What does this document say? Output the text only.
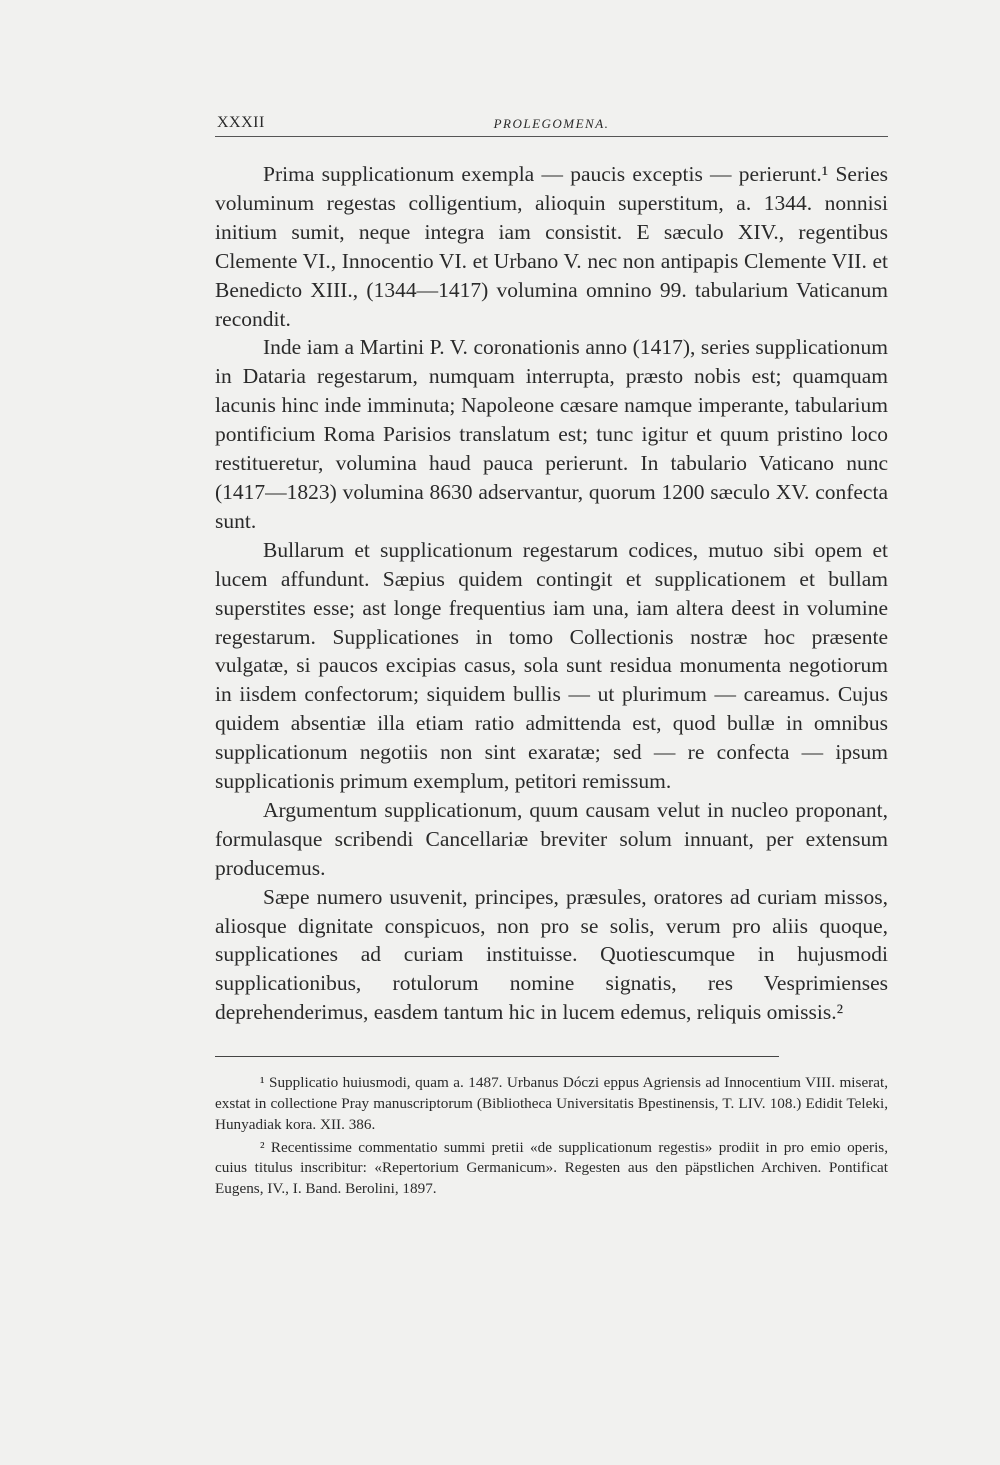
XXXII	PROLEGOMENA.

Prima supplicationum exempla — paucis exceptis — perierunt.¹ Series voluminum regestas colligentium, alioquin superstitum, a. 1344. nonnisi initium sumit, neque integra iam consistit. E sæculo XIV., regentibus Clemente VI., Innocentio VI. et Urbano V. nec non antipapis Clemente VII. et Benedicto XIII., (1344—1417) volumina omnino 99. tabularium Vaticanum recondit.

Inde iam a Martini P. V. coronationis anno (1417), series supplicationum in Dataria regestarum, numquam interrupta, præsto nobis est; quamquam lacunis hinc inde imminuta; Napoleone cæsare namque imperante, tabularium pontificium Roma Parisios translatum est; tunc igitur et quum pristino loco restitueretur, volumina haud pauca perierunt. In tabulario Vaticano nunc (1417—1823) volumina 8630 adservantur, quorum 1200 sæculo XV. confecta sunt.

Bullarum et supplicationum regestarum codices, mutuo sibi opem et lucem affundunt. Sæpius quidem contingit et supplicationem et bullam superstites esse; ast longe frequentius iam una, iam altera deest in volumine regestarum. Supplicationes in tomo Collectionis nostræ hoc præsente vulgatæ, si paucos excipias casus, sola sunt residua monumenta negotiorum in iisdem confectorum; siquidem bullis — ut plurimum — careamus. Cujus quidem absentiæ illa etiam ratio admittenda est, quod bullæ in omnibus supplicationum negotiis non sint exaratæ; sed — re confecta — ipsum supplicationis primum exemplum, petitori remissum.

Argumentum supplicationum, quum causam velut in nucleo proponant, formulasque scribendi Cancellariæ breviter solum innuant, per extensum producemus.

Sæpe numero usuvenit, principes, præsules, oratores ad curiam missos, aliosque dignitate conspicuos, non pro se solis, verum pro aliis quoque, supplicationes ad curiam instituisse. Quotiescumque in hujusmodi supplicationibus, rotulorum nomine signatis, res Vesprimienses deprehenderimus, easdem tantum hic in lucem edemus, reliquis omissis.²

¹ Supplicatio huiusmodi, quam a. 1487. Urbanus Dóczi eppus Agriensis ad Innocentium VIII. miserat, exstat in collectione Pray manuscriptorum (Bibliotheca Universitatis Bpestinensis, T. LIV. 108.) Edidit Teleki, Hunyadiak kora. XII. 386.

² Recentissime commentatio summi pretii «de supplicationum regestis» prodiit in pro emio operis, cuius titulus inscribitur: «Repertorium Germanicum». Regesten aus den päpstlichen Archiven. Pontificat Eugens, IV., I. Band. Berolini, 1897.
